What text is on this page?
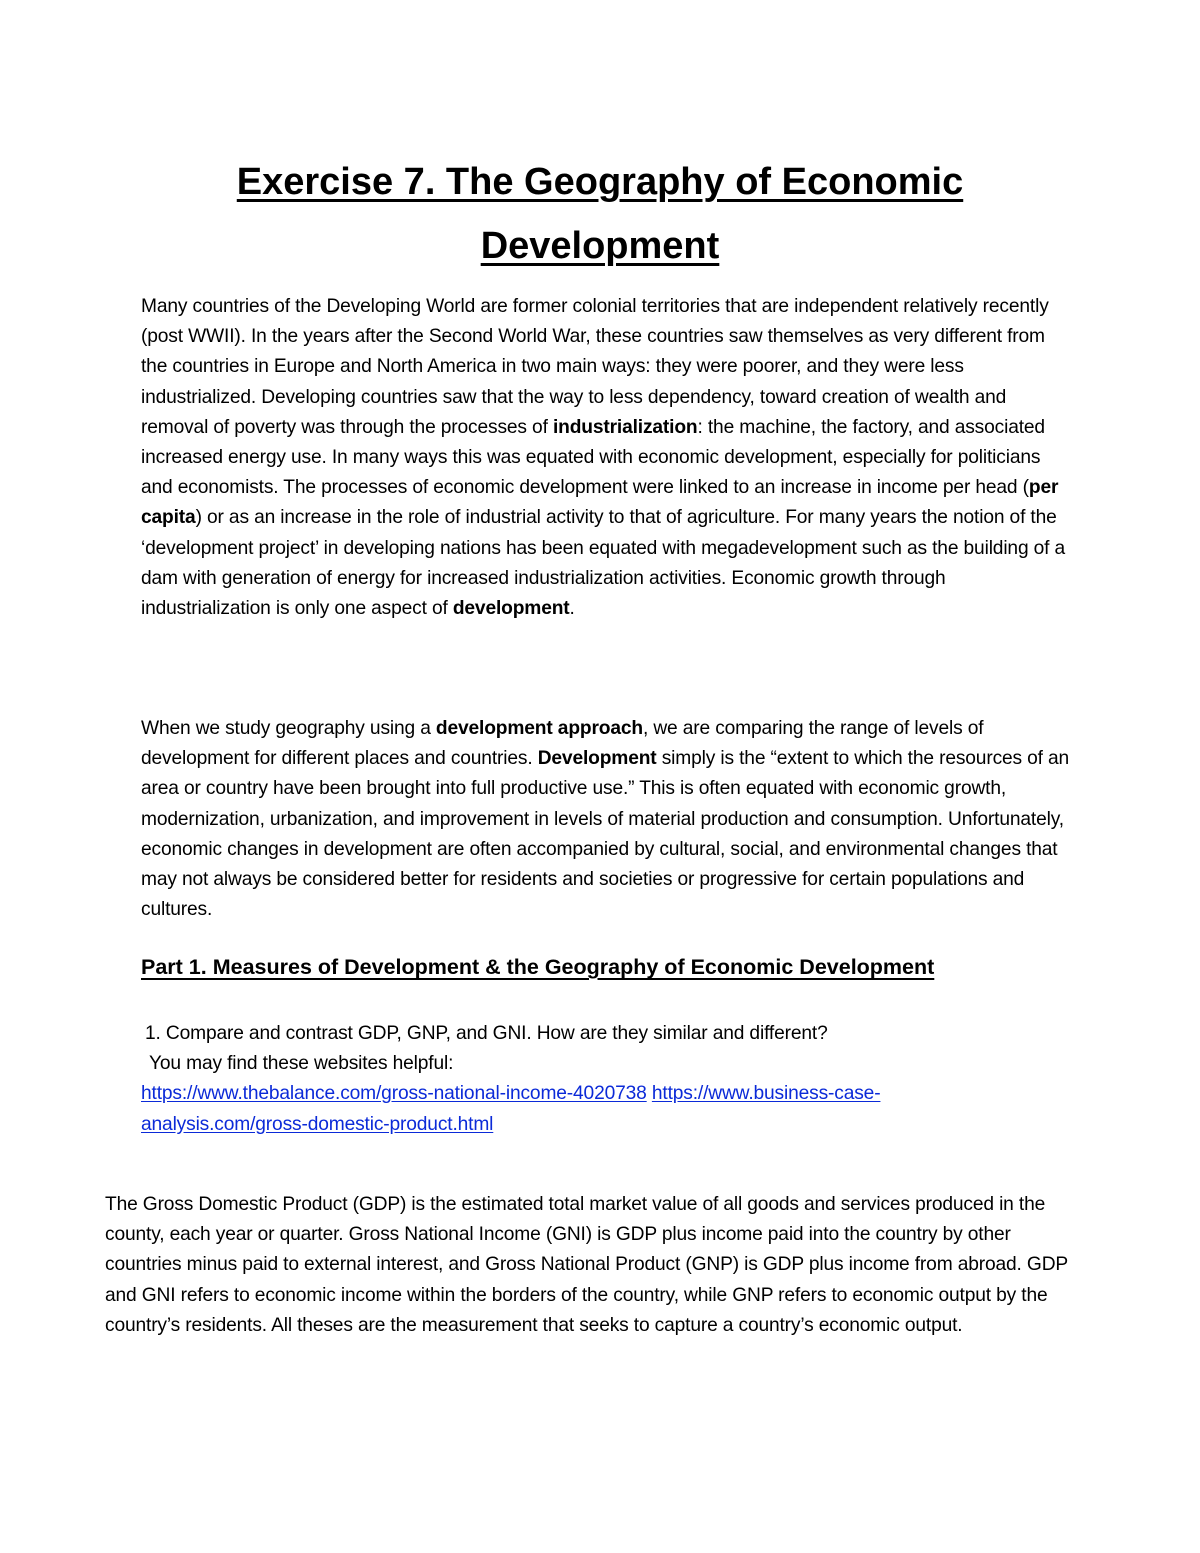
Exercise 7. The Geography of Economic
Development

Many countries of the Developing World are former colonial territories that are independent relatively recently (post WWII). In the years after the Second World War, these countries saw themselves as very different from the countries in Europe and North America in two main ways: they were poorer, and they were less industrialized. Developing countries saw that the way to less dependency, toward creation of wealth and removal of poverty was through the processes of industrialization: the machine, the factory, and associated increased energy use. In many ways this was equated with economic development, especially for politicians and economists. The processes of economic development were linked to an increase in income per head (per capita) or as an increase in the role of industrial activity to that of agriculture. For many years the notion of the ‘development project’ in developing nations has been equated with megadevelopment such as the building of a dam with generation of energy for increased industrialization activities. Economic growth through industrialization is only one aspect of development.

When we study geography using a development approach, we are comparing the range of levels of development for different places and countries. Development simply is the “extent to which the resources of an area or country have been brought into full productive use.” This is often equated with economic growth, modernization, urbanization, and improvement in levels of material production and consumption. Unfortunately, economic changes in development are often accompanied by cultural, social, and environmental changes that may not always be considered better for residents and societies or progressive for certain populations and cultures.

Part 1. Measures of Development & the Geography of Economic Development
1. Compare and contrast GDP, GNP, and GNI. How are they similar and different?
You may find these websites helpful:
https://www.thebalance.com/gross-national-income-4020738 https://www.business-case-
analysis.com/gross-domestic-product.html

The Gross Domestic Product (GDP) is the estimated total market value of all goods and services produced in the county, each year or quarter. Gross National Income (GNI) is GDP plus income paid into the country by other countries minus paid to external interest, and Gross National Product (GNP) is GDP plus income from abroad. GDP and GNI refers to economic income within the borders of the country, while GNP refers to economic output by the country’s residents. All theses are the measurement that seeks to capture a country’s economic output.
